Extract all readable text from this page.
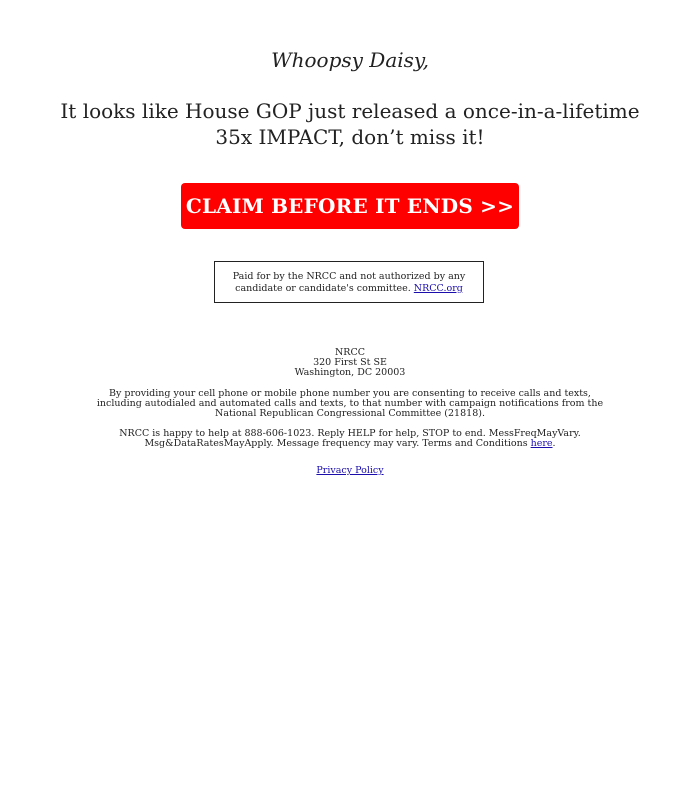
Whoopsy Daisy,
It looks like House GOP just released a once-in-a-lifetime 35x IMPACT, don’t miss it!
CLAIM BEFORE IT ENDS >>
Paid for by the NRCC and not authorized by any candidate or candidate's committee. NRCC.org
NRCC
320 First St SE
Washington, DC 20003
By providing your cell phone or mobile phone number you are consenting to receive calls and texts, including autodialed and automated calls and texts, to that number with campaign notifications from the National Republican Congressional Committee (21818).
NRCC is happy to help at 888-606-1023. Reply HELP for help, STOP to end. MessFreqMayVary. Msg&DataRatesMayApply. Message frequency may vary. Terms and Conditions here.
Privacy Policy
